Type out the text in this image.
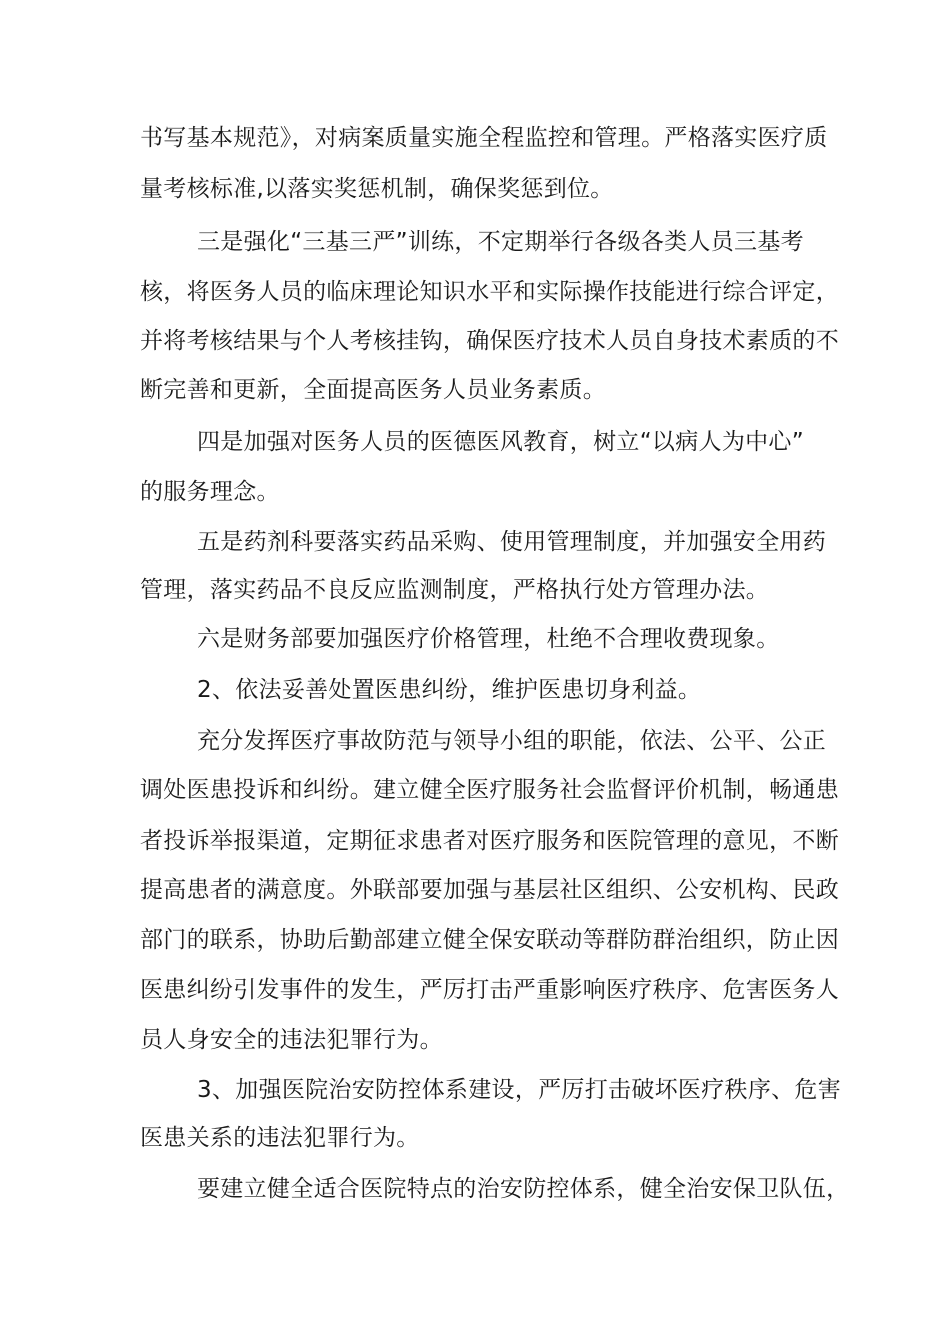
书写基本规范》，对病案质量实施全程监控和管理。严格落实医疗质
量考核标准,以落实奖惩机制，确保奖惩到位。
三是强化“三基三严”训练，不定期举行各级各类人员三基考
核，将医务人员的临床理论知识水平和实际操作技能进行综合评定，
并将考核结果与个人考核挂钩，确保医疗技术人员自身技术素质的不
断完善和更新，全面提高医务人员业务素质。
四是加强对医务人员的医德医风教育，树立“以病人为中心”
的服务理念。
五是药剂科要落实药品采购、使用管理制度，并加强安全用药
管理，落实药品不良反应监测制度，严格执行处方管理办法。
六是财务部要加强医疗价格管理，杜绝不合理收费现象。
2、依法妥善处置医患纠纷，维护医患切身利益。
充分发挥医疗事故防范与领导小组的职能，依法、公平、公正
调处医患投诉和纠纷。建立健全医疗服务社会监督评价机制，畅通患
者投诉举报渠道，定期征求患者对医疗服务和医院管理的意见，不断
提高患者的满意度。外联部要加强与基层社区组织、公安机构、民政
部门的联系，协助后勤部建立健全保安联动等群防群治组织，防止因
医患纠纷引发事件的发生，严厉打击严重影响医疗秩序、危害医务人
员人身安全的违法犯罪行为。
3、加强医院治安防控体系建设，严厉打击破坏医疗秩序、危害
医患关系的违法犯罪行为。
要建立健全适合医院特点的治安防控体系，健全治安保卫队伍，
